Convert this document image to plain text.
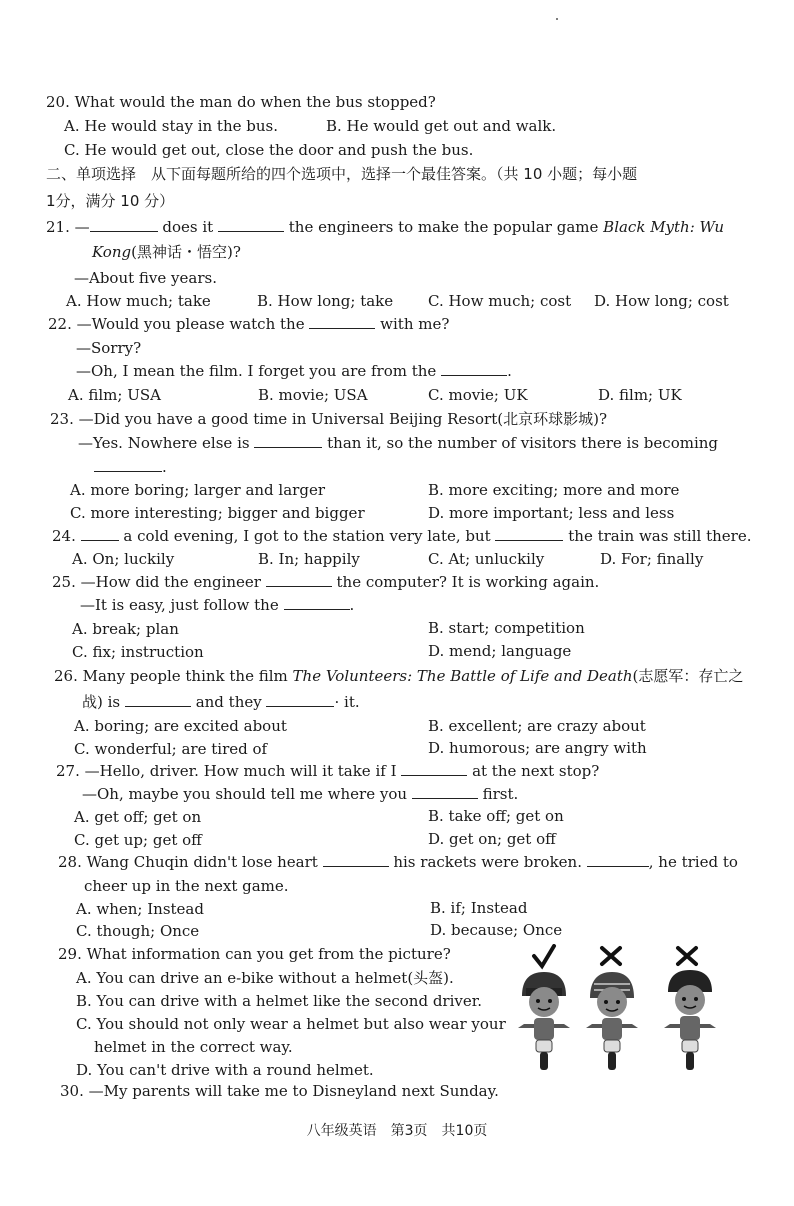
20. What would the man do when the bus stopped?
A. He would stay in the bus.	B. He would get out and walk.
C. He would get out, close the door and push the bus.
二、单项选择　从下面每题所给的四个选项中，选择一个最佳答案。（共 10 小题；每小题
1分，满分 10 分）
21. —	does it	the engineers to make the popular game Black Myth: Wu
Kong(黑神话・悟空)?
—About five years.
A. How much; take	B. How long; take C. How much; cost D. How long; cost
22. —Would you please watch the	with me?
—Sorry?
—Oh, I mean the film. I forget you are from the	.
A. film; USA	B. movie; USA	C. movie; UK	D. film; UK
23. —Did you have a good time in Universal Beijing Resort(北京环球影城)?
—Yes. Nowhere else is	than it, so the number of visitors there is becoming
.
A. more boring; larger and larger	B. more exciting; more and more
C. more interesting; bigger and bigger	D. more important; less and less
24.	a cold evening, I got to the station very late, but	the train was still there.
A. On; luckily	B. In; happily	C. At; unluckily	D. For; finally
25. —How did the engineer	the computer? It is working again.
—It is easy, just follow the	.
A. break; plan	B. start; competition
C. fix; instruction	D. mend; language
26. Many people think the film The Volunteers: The Battle of Life and Death(志愿军：存亡之
战) is	and they	· it.
A. boring; are excited about	B. excellent; are crazy about
C. wonderful; are tired of	D. humorous; are angry with
27. —Hello, driver. How much will it take if I	at the next stop?
—Oh, maybe you should tell me where you	first.
A. get off; get on	B. take off; get on
C. get up; get off	D. get on; get off
28. Wang Chuqin didn't lose heart	his rackets were broken.	, he tried to
cheer up in the next game.
A. when; Instead	B. if; Instead
C. though; Once	D. because; Once
29. What information can you get from the picture?
A. You can drive an e-bike without a helmet(头盔).
B. You can drive with a helmet like the second driver.
C. You should not only wear a helmet but also wear your
helmet in the correct way.
D. You can't drive with a round helmet.
30. —My parents will take me to Disneyland next Sunday.
八年级英语　第3页　共10页
